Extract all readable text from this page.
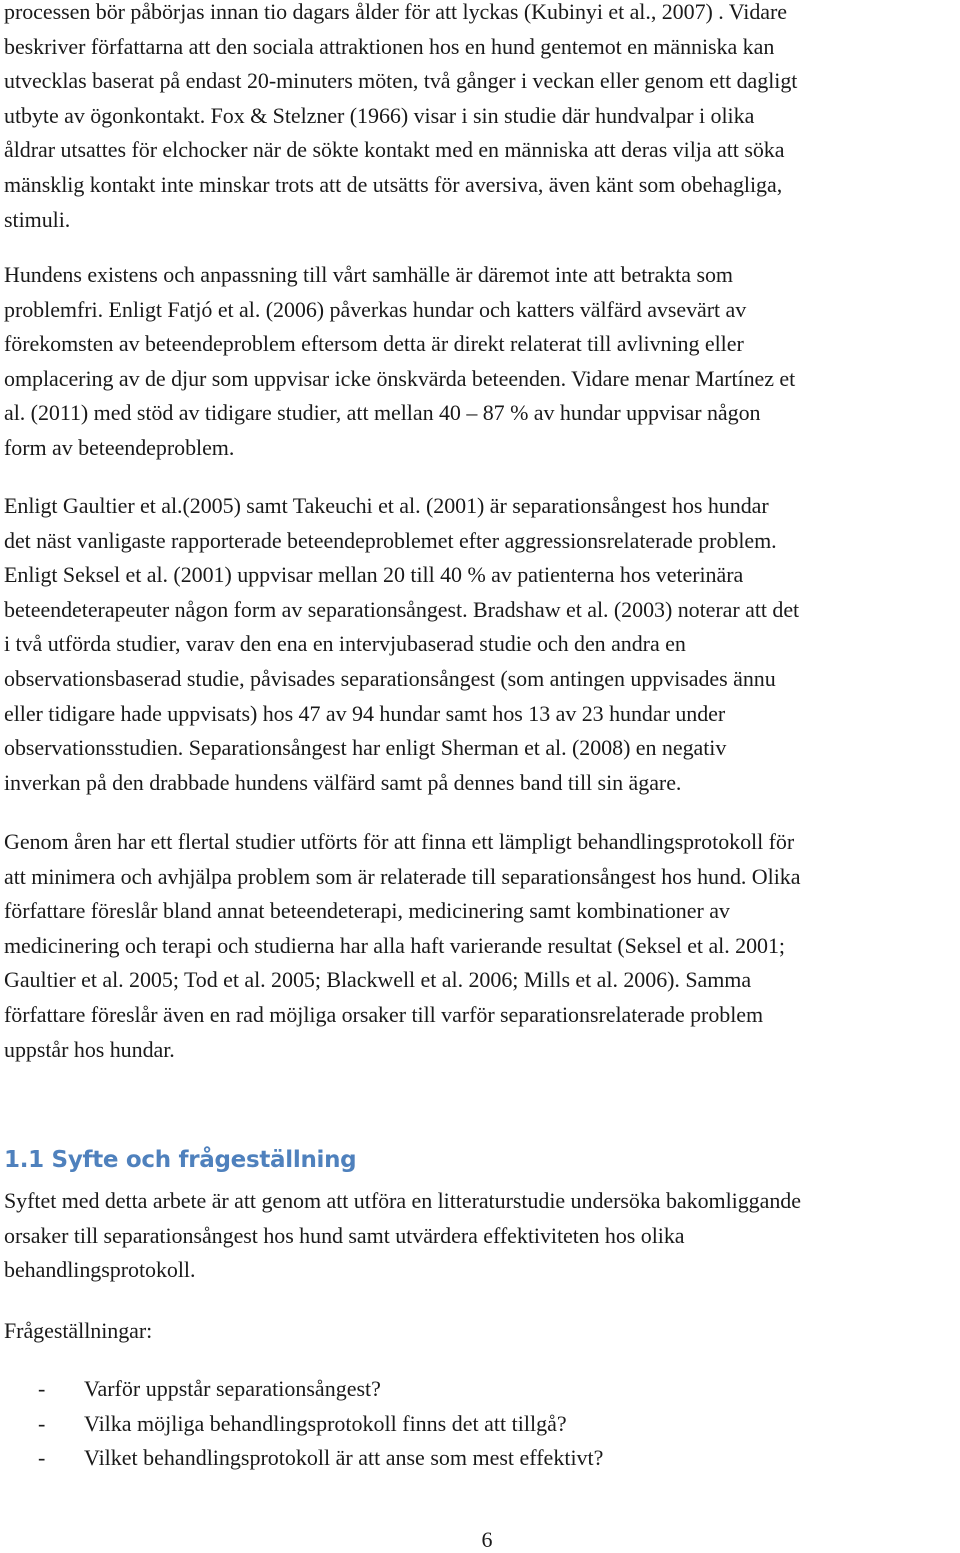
processen bör påbörjas innan tio dagars ålder för att lyckas (Kubinyi et al., 2007) . Vidare
beskriver författarna att den sociala attraktionen hos en hund gentemot en människa kan
utvecklas baserat på endast 20-minuters möten, två gånger i veckan eller genom ett dagligt
utbyte av ögonkontakt. Fox & Stelzner (1966) visar i sin studie där hundvalpar i olika
åldrar utsattes för elchocker när de sökte kontakt med en människa att deras vilja att söka
mänsklig kontakt inte minskar trots att de utsätts för aversiva, även känt som obehagliga,
stimuli.

Hundens existens och anpassning till vårt samhälle är däremot inte att betrakta som
problemfri. Enligt Fatjó et al. (2006) påverkas hundar och katters välfärd avsevärt av
förekomsten av beteendeproblem eftersom detta är direkt relaterat till avlivning eller
omplacering av de djur som uppvisar icke önskvärda beteenden. Vidare menar Martínez et
al. (2011) med stöd av tidigare studier, att mellan 40 – 87 % av hundar uppvisar någon
form av beteendeproblem.

Enligt Gaultier et al.(2005) samt Takeuchi et al. (2001) är separationsångest hos hundar
det näst vanligaste rapporterade beteendeproblemet efter aggressionsrelaterade problem.
Enligt Seksel et al. (2001) uppvisar mellan 20 till 40 % av patienterna hos veterinära
beteendeterapeuter någon form av separationsångest. Bradshaw et al. (2003) noterar att det
i två utförda studier, varav den ena en intervjubaserad studie och den andra en
observationsbaserad studie, påvisades separationsångest (som antingen uppvisades ännu
eller tidigare hade uppvisats) hos 47 av 94 hundar samt hos 13 av 23 hundar under
observationsstudien. Separationsångest har enligt Sherman et al. (2008) en negativ
inverkan på den drabbade hundens välfärd samt på dennes band till sin ägare.

Genom åren har ett flertal studier utförts för att finna ett lämpligt behandlingsprotokoll för
att minimera och avhjälpa problem som är relaterade till separationsångest hos hund. Olika
författare föreslår bland annat beteendeterapi, medicinering samt kombinationer av
medicinering och terapi och studierna har alla haft varierande resultat (Seksel et al. 2001;
Gaultier et al. 2005; Tod et al. 2005; Blackwell et al. 2006; Mills et al. 2006). Samma
författare föreslår även en rad möjliga orsaker till varför separationsrelaterade problem
uppstår hos hundar.

1.1 Syfte och frågeställning

Syftet med detta arbete är att genom att utföra en litteraturstudie undersöka bakomliggande
orsaker till separationsångest hos hund samt utvärdera effektiviteten hos olika
behandlingsprotokoll.

Frågeställningar:

-	Varför uppstår separationsångest?
-	Vilka möjliga behandlingsprotokoll finns det att tillgå?
-	Vilket behandlingsprotokoll är att anse som mest effektivt?
6
